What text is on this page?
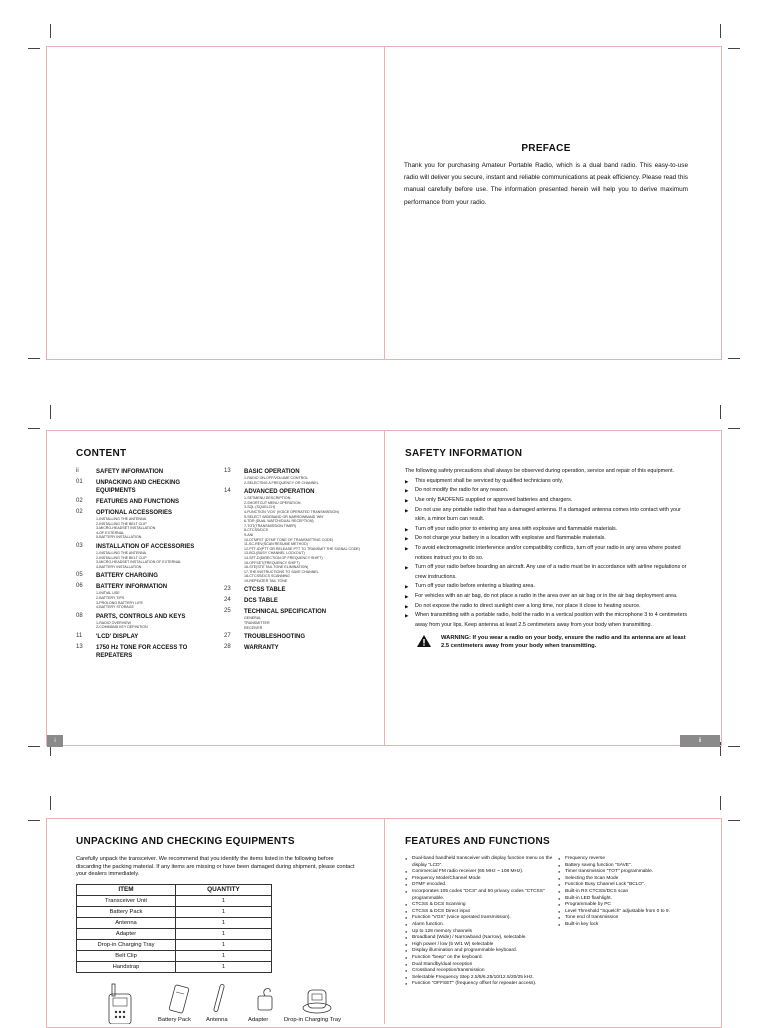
PREFACE
Thank you for purchasing Amateur Portable Radio, which is a dual band radio. This easy-to-use radio will deliver you secure, instant and reliable communications at peak efficiency. Please read this manual carefully before use. The information presented herein will help you to derive maximum performance from your radio.
CONTENT
ii	SAFETY INFORMATION
01	UNPACKING AND CHECKING EQUIPMENTS
02	FEATURES AND FUNCTIONS
02	OPTIONAL ACCESSORIES
1-INSTALLING THE ANTENNA
2-INSTALLING THE BELT CLIP
3-MICRO-HEADSET INSTALLATION
4-OF EXTERNAL
5-BATTERY INSTALLATION
03	INSTALLATION OF ACCESSORIES
1-INSTALLING THE ANTENNA
2-INSTALLING THE BELT CLIP
3-MICRO-HEADSET INSTALLATION OF EXTERNAL
4-BATTERY INSTALLATION
05	BATTERY CHARGING
06	BATTERY INFORMATION
1-INITIAL USE
2-BATTERY TIPS
3-PROLONG BATTERY LIFE
4-BATTERY STORAGE
08	PARTS, CONTROLS AND KEYS
1-RADIO OVERVIEW
2-COMMAND KEY DEFINITION
11	'LCD' DISPLAY
13	1750 Hz TONE FOR ACCESS TO REPEATERS
13	BASIC OPERATION
1-RADIO ON-OFF/VOLUME CONTROL
2-SELECTING A FREQUENCY OR CHANNEL
14	ADVANCED OPERATION
1-SETMENU DESCRIPTION
2-SHORTCUT MENU OPERATION
3-SQL (SQUELCH)
4-FUNCTION 'VOX' (VOICE OPERATED TRANSMISSION)
5-SELECT WIDEBAND OR NARROWBAND 'WN'
6-TDR (DUAL WATCH/DUAL RECEPTION)
7-TOT(TRANSMISSION TIMER)
8-CTCSS/DCS
9-ANI
10-DTMFST (DTMF TONE OF TRANSMITTING CODE)
11-SC-REV(SCAN RESUME METHOD)
12-PTT-ID(PTT OR RELEASE PTT TO TRANSMIT THE SIGNAL CODE)
13-BCL(BUSY CHANNEL LOCKOUT)
14-SFT-D(DIRECTION OF FREQUENCY SHIFT)
15-OFFSET(FREQUENCY SHIFT)
16-STE(STE TAIL TONE ELIMINATION)
17-THE INSTRUCTIONS TO SAVE CHANNEL
18-CTCSS/DCS SCANNING
19-REPEATER TAIL TONE
23	CTCSS TABLE
24	DCS TABLE
25	TECHNICAL SPECIFICATION
GENERAL
TRANSMITTER
RECEIVER
27	TROUBLESHOOTING
28	WARRANTY
i
SAFETY INFORMATION
The following safety precautions shall always be observed during operation, service and repair of this equipment.
▶ This equipment shall be serviced by qualified technicians only.
▶ Do not modify the radio for any reason.
▶ Use only BAOFENG supplied or approved batteries and chargers.
▶ Do not use any portable radio that has a damaged antenna. If a damaged antenna comes into contact with your skin, a minor burn can result.
▶ Turn off your radio prior to entering any area with explosive and flammable materials.
▶ Do not charge your battery in a location with explosive and flammable materials.
▶ To avoid electromagnetic interference and/or compatibility conflicts, turn off your radio in any area where posted notices instruct you to do so.
▶ Turn off your radio before boarding an aircraft. Any use of a radio must be in accordance with airline regulations or crew instructions.
▶ Turn off your radio before entering a blasting area.
▶ For vehicles with an air bag, do not place a radio in the area over an air bag or in the air bag deployment area.
▶ Do not expose the radio to direct sunlight over a long time, nor place it close to heating source.
▶ When transmitting with a portable radio, hold the radio in a vertical position with the microphone 3 to 4 centimeters away from your lips. Keep antenna at least 2.5 centimeters away from your body when transmitting.
WARNING: If you wear a radio on your body, ensure the radio and its antenna are at least 2.5 centimeters away from your body when transmitting.
ii
UNPACKING AND CHECKING EQUIPMENTS
Carefully unpack the transceiver. We recommend that you identify the items listed in the following before discarding the packing material. If any items are missing or have been damaged during shipment, please contact your dealers immediately.
ITEM	QUANTITY
Transceiver Unit	1
Battery Pack	1
Antenna	1
Adapter	1
Drop-in Charging Tray	1
Belt Clip	1
Handstrap	1
Battery Pack	Antenna	Adapter	Drop-in Charging Tray
FEATURES AND FUNCTIONS
● Dual-band handheld transceiver with display function menu on the display "LCD".
● Commercial FM radio receiver (65 MHz ~ 108 MHz).
● Frequency Mode/Channel Mode
● DTMF encoded.
● Incorporates 105 codes "DCS" and 50 privacy codes "CTCSS" programmable.
● CTCSS & DCS Scanning
● CTCSS & DCS Direct input
● Function "VOX" (voice operated transmission).
● Alarm function.
● Up to 128 memory channels
● Broadband (Wide) / Narrowband (Narrow), selectable.
● High power / low (5 W/1 W) selectable
● Display illumination and programmable keyboard.
● Function "beep" on the keyboard.
● Dual Standby/dual reception
● Crossband reception/transmission
● Selectable Frequency Step 2.5/5/6.25/10/12.5/20/25 kHz.
● Function "OFFSET" (frequency offset for repeater access).
● Frequency reverse
● Battery saving function "SAVE".
● Timer transmission "TOT" programmable.
● Selecting the Scan Mode
● Function Busy Channel Lock "BCLO".
● Built-in RX CTCSS/DCS scan
● Built-in LED flashlight.
● Programmable by PC
● Level Threshold "Squelch" adjustable from 0 to 9.
● Tone end of transmission
● Built-in key lock
